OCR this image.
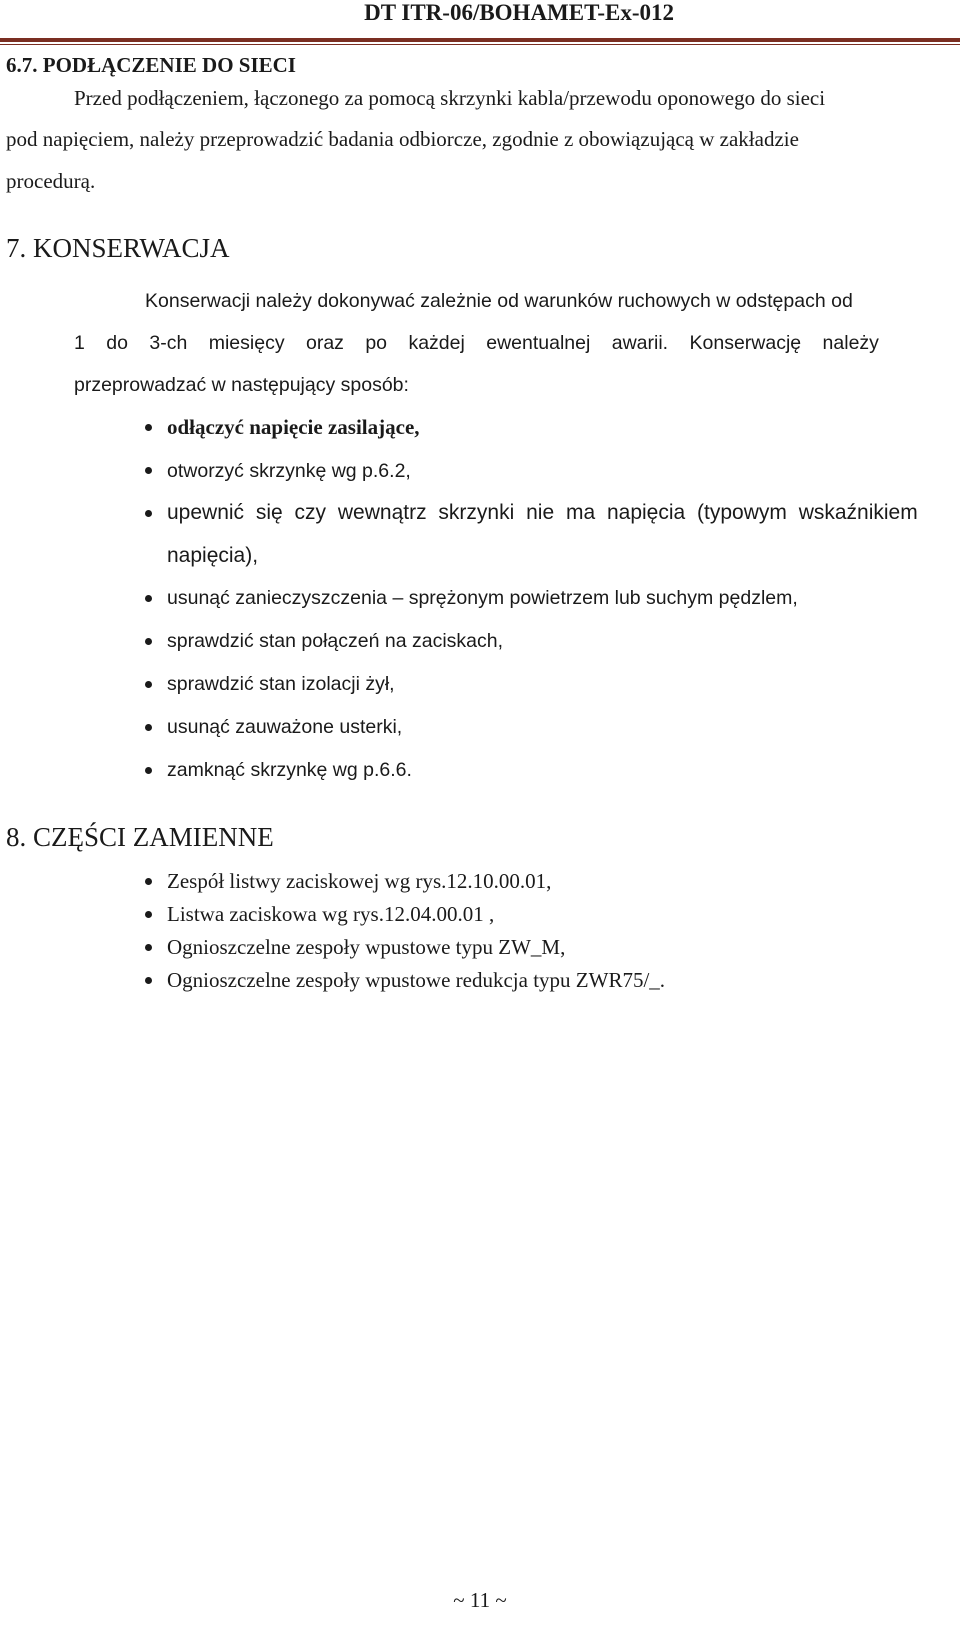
DT ITR-06/BOHAMET-Ex-012
6.7. PODŁĄCZENIE DO SIECI
Przed podłączeniem, łączonego za pomocą skrzynki kabla/przewodu oponowego do sieci
pod napięciem, należy przeprowadzić badania odbiorcze, zgodnie z obowiązującą w zakładzie
procedurą.
7. KONSERWACJA
Konserwacji należy dokonywać zależnie od warunków ruchowych w odstępach od
1 do 3-ch miesięcy oraz po każdej ewentualnej awarii. Konserwację należy
przeprowadzać w następujący sposób:
odłączyć napięcie zasilające,
otworzyć skrzynkę wg p.6.2,
upewnić się czy wewnątrz skrzynki nie ma napięcia (typowym wskaźnikiem
napięcia),
usunąć zanieczyszczenia – sprężonym powietrzem lub suchym pędzlem,
sprawdzić stan połączeń na zaciskach,
sprawdzić stan izolacji żył,
usunąć zauważone usterki,
zamknąć skrzynkę wg p.6.6.
8. CZĘŚCI ZAMIENNE
Zespół listwy zaciskowej wg rys.12.10.00.01,
Listwa zaciskowa wg rys.12.04.00.01 ,
Ognioszczelne zespoły wpustowe typu ZW_M,
Ognioszczelne zespoły wpustowe redukcja typu ZWR75/_.
~ 11 ~
